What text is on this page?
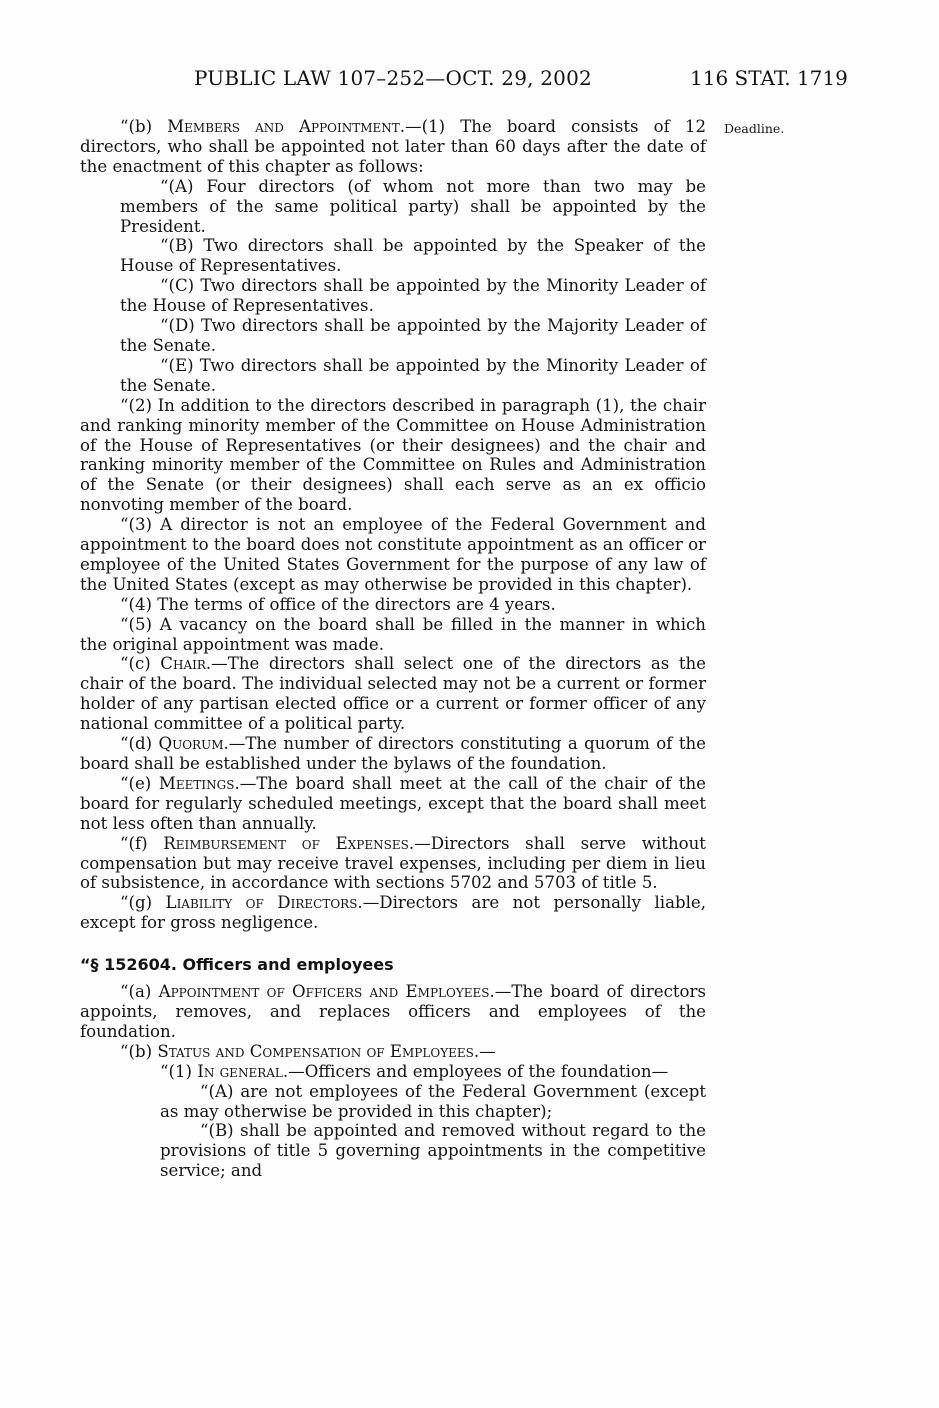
PUBLIC LAW 107–252—OCT. 29, 2002	116 STAT. 1719
Deadline.

“(b) Members and Appointment.—(1) The board consists of 12 directors, who shall be appointed not later than 60 days after the date of the enactment of this chapter as follows:

“(A) Four directors (of whom not more than two may be members of the same political party) shall be appointed by the President.

“(B) Two directors shall be appointed by the Speaker of the House of Representatives.

“(C) Two directors shall be appointed by the Minority Leader of the House of Representatives.

“(D) Two directors shall be appointed by the Majority Leader of the Senate.

“(E) Two directors shall be appointed by the Minority Leader of the Senate.

“(2) In addition to the directors described in paragraph (1), the chair and ranking minority member of the Committee on House Administration of the House of Representatives (or their designees) and the chair and ranking minority member of the Committee on Rules and Administration of the Senate (or their designees) shall each serve as an ex officio nonvoting member of the board.

“(3) A director is not an employee of the Federal Government and appointment to the board does not constitute appointment as an officer or employee of the United States Government for the purpose of any law of the United States (except as may otherwise be provided in this chapter).

“(4) The terms of office of the directors are 4 years.

“(5) A vacancy on the board shall be filled in the manner in which the original appointment was made.

“(c) Chair.—The directors shall select one of the directors as the chair of the board. The individual selected may not be a current or former holder of any partisan elected office or a current or former officer of any national committee of a political party.

“(d) Quorum.—The number of directors constituting a quorum of the board shall be established under the bylaws of the foundation.

“(e) Meetings.—The board shall meet at the call of the chair of the board for regularly scheduled meetings, except that the board shall meet not less often than annually.

“(f) Reimbursement of Expenses.—Directors shall serve without compensation but may receive travel expenses, including per diem in lieu of subsistence, in accordance with sections 5702 and 5703 of title 5.

“(g) Liability of Directors.—Directors are not personally liable, except for gross negligence.

“§ 152604. Officers and employees

“(a) Appointment of Officers and Employees.—The board of directors appoints, removes, and replaces officers and employees of the foundation.

“(b) Status and Compensation of Employees.—

“(1) In general.—Officers and employees of the foundation—

“(A) are not employees of the Federal Government (except as may otherwise be provided in this chapter);

“(B) shall be appointed and removed without regard to the provisions of title 5 governing appointments in the competitive service; and
